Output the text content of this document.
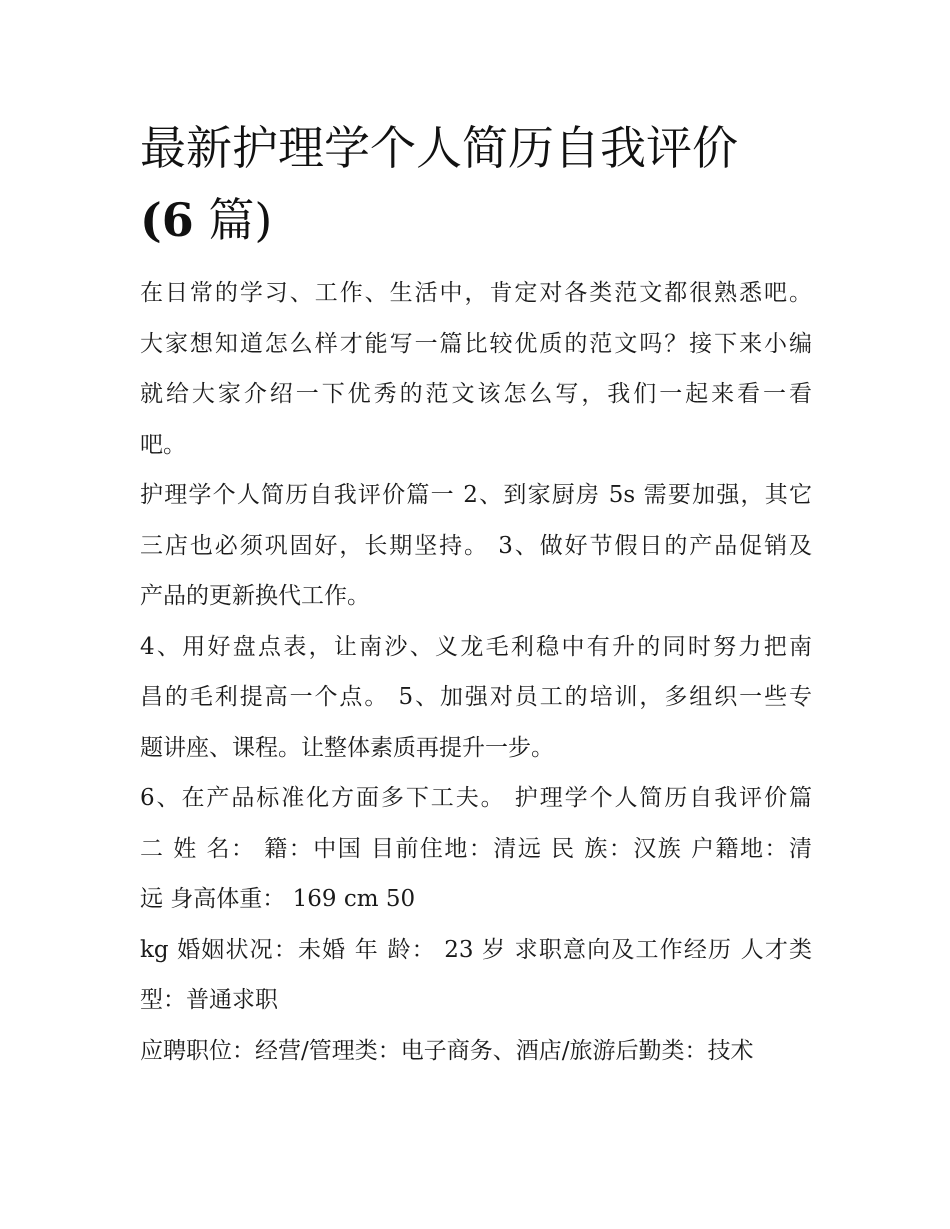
最新护理学个人简历自我评价
(6 篇)

在日常的学习、工作、生活中，肯定对各类范文都很熟悉吧。
大家想知道怎么样才能写一篇比较优质的范文吗？接下来小编
就给大家介绍一下优秀的范文该怎么写，我们一起来看一看
吧。

护理学个人简历自我评价篇一 2、到家厨房 5s 需要加强，其它
三店也必须巩固好，长期坚持。 3、做好节假日的产品促销及
产品的更新换代工作。

4、用好盘点表，让南沙、义龙毛利稳中有升的同时努力把南
昌的毛利提高一个点。 5、加强对员工的培训，多组织一些专
题讲座、课程。让整体素质再提升一步。

6、在产品标准化方面多下工夫。 护理学个人简历自我评价篇
二 姓 名： 籍：中国 目前住地：清远 民 族：汉族 户籍地：清
远 身高体重： 169 cm 50

kg 婚姻状况：未婚 年 龄： 23 岁 求职意向及工作经历 人才类
型：普通求职

应聘职位：经营/管理类：电子商务、酒店/旅游后勤类：技术
